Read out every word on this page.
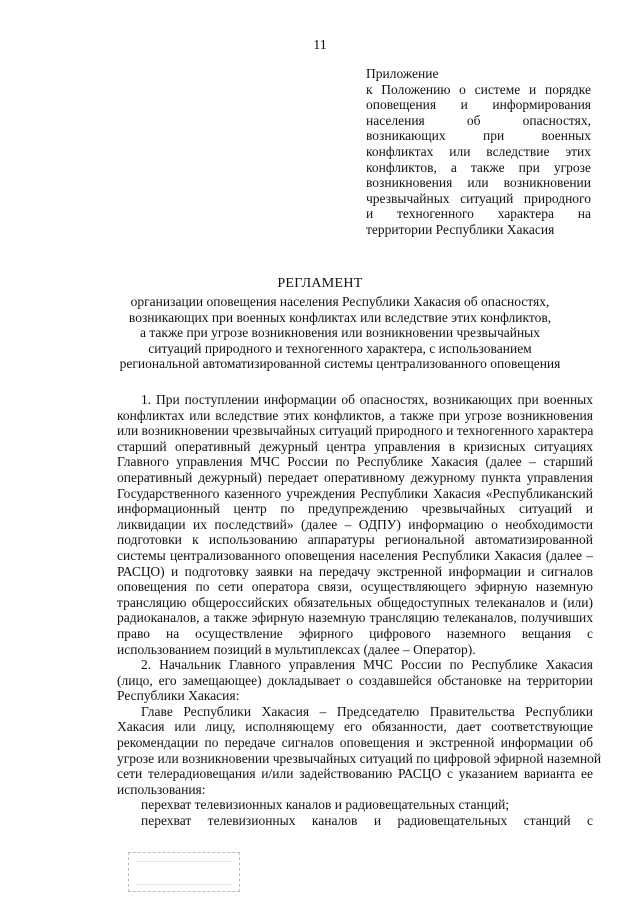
11
Приложение
к Положению о системе и порядке
оповещения и информирования
населения об опасностях,
возникающих при военных
конфликтах или вследствие этих
конфликтов, а также при угрозе
возникновения или возникновении
чрезвычайных ситуаций природного
и техногенного характера на
территории Республики Хакасия
РЕГЛАМЕНТ
организации оповещения населения Республики Хакасия об опасностях,
возникающих при военных конфликтах или вследствие этих конфликтов,
а также при угрозе возникновения или возникновении чрезвычайных
ситуаций природного и техногенного характера, с использованием
региональной автоматизированной системы централизованного оповещения
1. При поступлении информации об опасностях, возникающих при военных
конфликтах или вследствие этих конфликтов, а также при угрозе возникновения
или возникновении чрезвычайных ситуаций природного и техногенного характера
старший оперативный дежурный центра управления в кризисных ситуациях
Главного управления МЧС России по Республике Хакасия (далее – старший
оперативный дежурный) передает оперативному дежурному пункта управления
Государственного казенного учреждения Республики Хакасия «Республиканский
информационный центр по предупреждению чрезвычайных ситуаций и
ликвидации их последствий» (далее – ОДПУ) информацию о необходимости
подготовки к использованию аппаратуры региональной автоматизированной
системы централизованного оповещения населения Республики Хакасия (далее –
РАСЦО) и подготовку заявки на передачу экстренной информации и сигналов
оповещения по сети оператора связи, осуществляющего эфирную наземную
трансляцию общероссийских обязательных общедоступных телеканалов и (или)
радиоканалов, а также эфирную наземную трансляцию телеканалов, получивших
право на осуществление эфирного цифрового наземного вещания с
использованием позиций в мультиплексах (далее – Оператор).
2. Начальник Главного управления МЧС России по Республике Хакасия
(лицо, его замещающее) докладывает о создавшейся обстановке на территории
Республики Хакасия:
Главе Республики Хакасия – Председателю Правительства Республики
Хакасия или лицу, исполняющему его обязанности, дает соответствующие
рекомендации по передаче сигналов оповещения и экстренной информации об
угрозе или возникновении чрезвычайных ситуаций по цифровой эфирной наземной
сети телерадиовещания и/или задействованию РАСЦО с указанием варианта ее
использования:
перехват телевизионных каналов и радиовещательных станций;
перехват телевизионных каналов и радиовещательных станций с
